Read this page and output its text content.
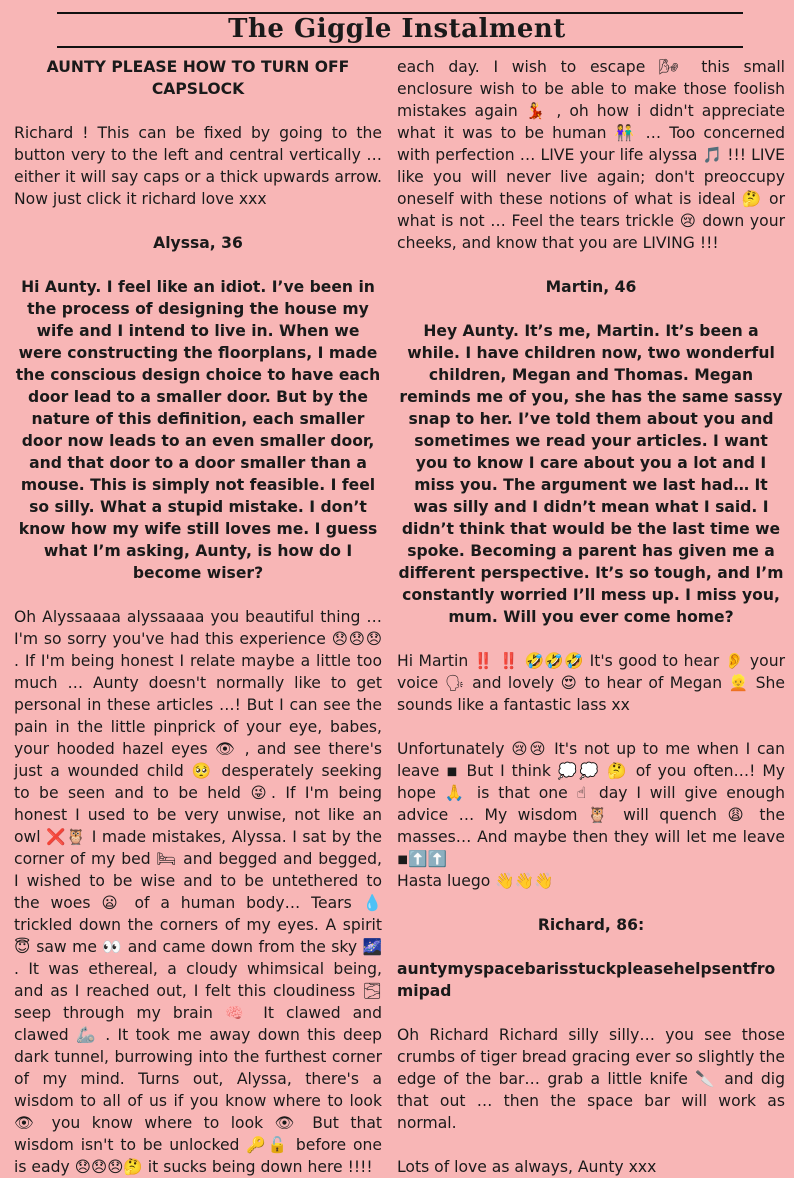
The Giggle Instalment

AUNTY PLEASE HOW TO TURN OFF CAPSLOCK

Richard ! This can be fixed by going to the button very to the left and central vertically … either it will say caps or a thick upwards arrow. Now just click it richard love xxx

Alyssa, 36

Hi Aunty. I feel like an idiot. I’ve been in the process of designing the house my wife and I intend to live in. When we were constructing the floorplans, I made the conscious design choice to have each door lead to a smaller door. But by the nature of this definition, each smaller door now leads to an even smaller door, and that door to a door smaller than a mouse. This is simply not feasible. I feel so silly. What a stupid mistake. I don’t know how my wife still loves me. I guess what I’m asking, Aunty, is how do I become wiser?

Oh Alyssaaaa alyssaaaa you beautiful thing … I'm so sorry you've had this experience 😞😞😞 . If I'm being honest I relate maybe a little too much … Aunty doesn't normally like to get personal in these articles …! But I can see the pain in the little pinprick of your eye, babes, your hooded hazel eyes 👁 , and see there's just a wounded child 🥺 desperately seeking to be seen and to be held 😜. If I'm being honest I used to be very unwise, not like an owl ❌🦉 I made mistakes, Alyssa. I sat by the corner of my bed 🛏 and begged and begged, I wished to be wise and to be untethered to the woes 😦 of a human body… Tears 💧 trickled down the corners of my eyes. A spirit 😇 saw me 👀 and came down from the sky 🌌 . It was ethereal, a cloudy whimsical being, and as I reached out, I felt this cloudiness 🌫 seep through my brain 🧠 It clawed and clawed 🦾 . It took me away down this deep dark tunnel, burrowing into the furthest corner of my mind. Turns out, Alyssa, there's a wisdom to all of us if you know where to look 👁 you know where to look 👁 But that wisdom isn't to be unlocked 🔑🔓 before one is eady 😞😞😞🤔 it sucks being down here !!!!

each day. I wish to escape 🌬 this small enclosure wish to be able to make those foolish mistakes again 💃 , oh how i didn't appreciate what it was to be human 👫 … Too concerned with perfection … LIVE your life alyssa 🎵 !!! LIVE like you will never live again; don't preoccupy oneself with these notions of what is ideal 🤔 or what is not … Feel the tears trickle 😢 down your cheeks, and know that you are LIVING !!!

Martin, 46

Hey Aunty. It’s me, Martin. It’s been a while. I have children now, two wonderful children, Megan and Thomas. Megan reminds me of you, she has the same sassy snap to her. I’ve told them about you and sometimes we read your articles. I want you to know I care about you a lot and I miss you. The argument we last had… It was silly and I didn’t mean what I said. I didn’t think that would be the last time we spoke. Becoming a parent has given me a different perspective. It’s so tough, and I’m constantly worried I’ll mess up. I miss you, mum. Will you ever come home?

Hi Martin ‼️ ‼️ 🤣🤣🤣 It's good to hear 👂 your voice 🗣 and lovely 😍 to hear of Megan 👱 She sounds like a fantastic lass xx

Unfortunately 😢😢 It's not up to me when I can leave ◾ But I think 💭💭 🤔 of you often…! My hope 🙏 is that one ☝ day I will give enough advice … My wisdom 🦉 will quench 😩 the masses… And maybe then they will let me leave ◾⬆️⬆️

Hasta luego 👋👋👋

Richard, 86:

auntymyspacebarisstuckpleasehelpsentfromipad

Oh Richard Richard silly silly… you see those crumbs of tiger bread gracing ever so slightly the edge of the bar… grab a little knife 🔪 and dig that out … then the space bar will work as normal.

Lots of love as always, Aunty xxx
